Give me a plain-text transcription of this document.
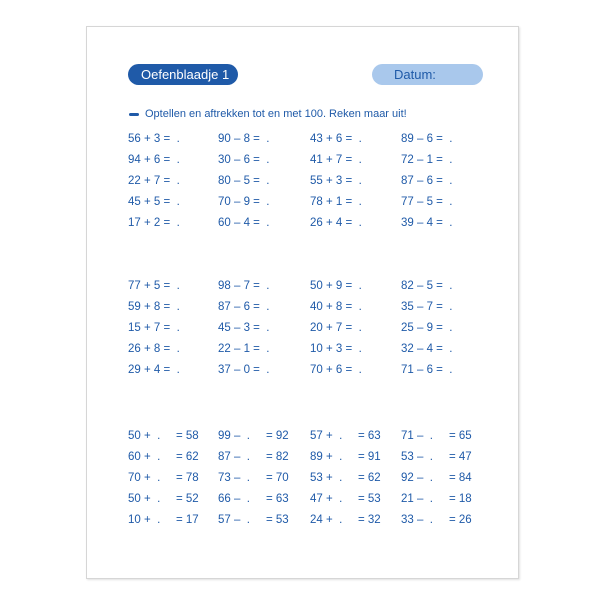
Oefenblaadje 1	Datum:
Optellen en aftrekken tot en met 100. Reken maar uit!
56 + 3 =  .
94 + 6 =  .
22 + 7 =  .
45 + 5 =  .
17 + 2 =  .
90 – 8 =  .
30 – 6 =  .
80 – 5 =  .
70 – 9 =  .
60 – 4 =  .
43 + 6 =  .
41 + 7 =  .
55 + 3 =  .
78 + 1 =  .
26 + 4 =  .
89 – 6 =  .
72 – 1 =  .
87 – 6 =  .
77 – 5 =  .
39 – 4 =  .
77 + 5 =  .
59 + 8 =  .
15 + 7 =  .
26 + 8 =  .
29 + 4 =  .
98 – 7 =  .
87 – 6 =  .
45 – 3 =  .
22 – 1 =  .
37 – 0 =  .
50 + 9 =  .
40 + 8 =  .
20 + 7 =  .
10 + 3 =  .
70 + 6 =  .
82 – 5 =  .
35 – 7 =  .
25 – 9 =  .
32 – 4 =  .
71 – 6 =  .
50 +  . = 58
60 +  . = 62
70 +  . = 78
50 +  . = 52
10 +  . = 17
99 –  . = 92
87 –  . = 82
73 –  . = 70
66 –  . = 63
57 –  . = 53
57 +  . = 63
89 +  . = 91
53 +  . = 62
47 +  . = 53
24 +  . = 32
71 –  . = 65
53 –  . = 47
92 –  . = 84
21 –  . = 18
33 –  . = 26
